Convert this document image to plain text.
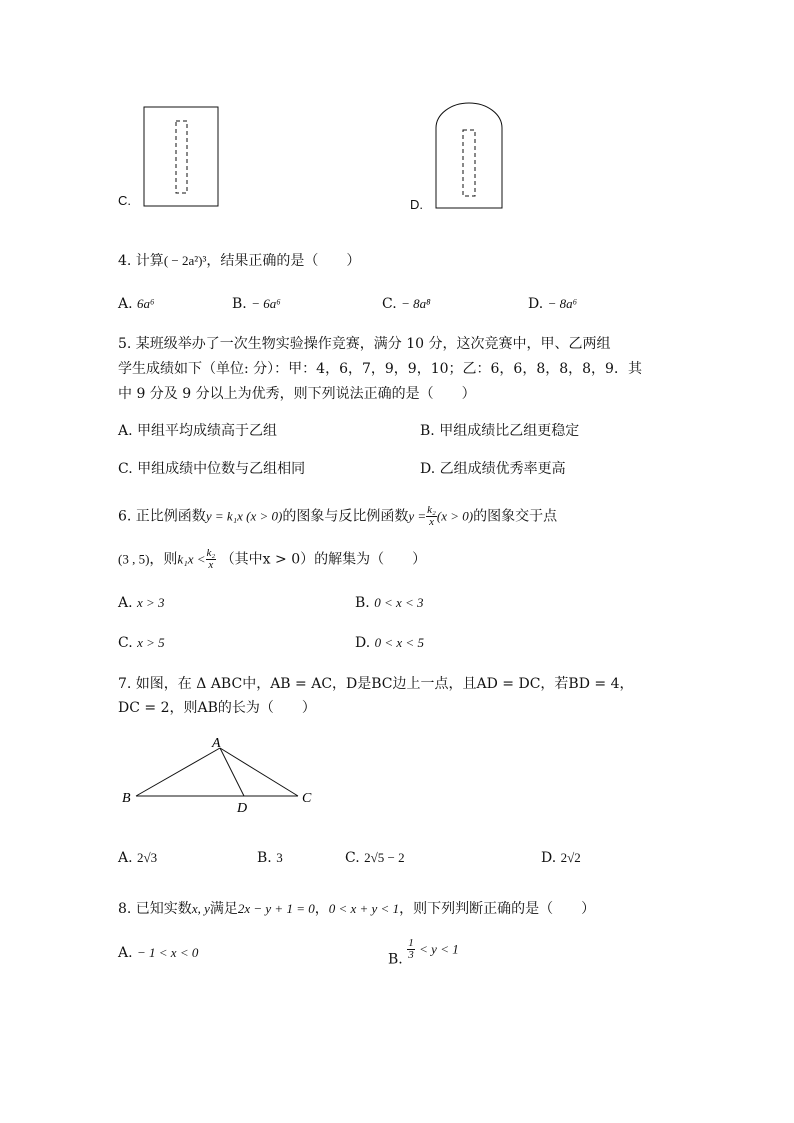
C.	D.
4. 计算( − 2a²)³，结果正确的是（　　）
A. 6a⁶	B. − 6a⁶	C. − 8a⁸	D. − 8a⁶
5. 某班级举办了一次生物实验操作竞赛，满分 10 分，这次竞赛中，甲、乙两组
学生成绩如下（单位: 分）：甲：4，6，7，9，9，10；乙：6，6，8，8，8，9．其
中 9 分及 9 分以上为优秀，则下列说法正确的是（　　）
A. 甲组平均成绩高于乙组	B. 甲组成绩比乙组更稳定
C. 甲组成绩中位数与乙组相同	D. 乙组成绩优秀率更高
6. 正比例函数y = k₁x (x > 0)的图象与反比例函数$y = \frac{\text{k₂}}{x} (x > 0)$的图象交于点
(3 , 5)，则$k_1x < \frac{\text{k₂}}{x}$ （其中x > 0）的解集为（　　）
A. x > 3	B. 0 < x < 3
C. x > 5	D. 0 < x < 5
7. 如图，在 Δ ABC中，AB = AC，D是BC边上一点，且AD = DC，若BD = 4，
DC = 2，则AB的长为（　　）
A
B	C
D
A. 2√3	B. 3	C. 2√5 − 2	D. 2√2
8. 已知实数x, y满足2x − y + 1 = 0，0 < x + y < 1，则下列判断正确的是（　　）
A. − 1 < x < 0	B. $\frac{1}{3} < y < 1$
